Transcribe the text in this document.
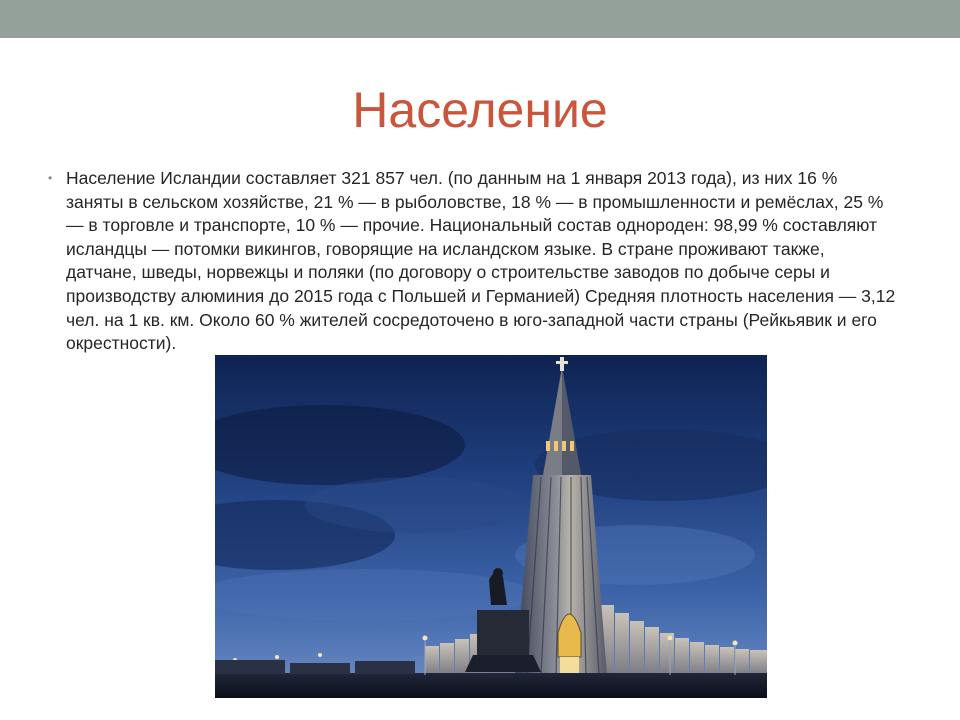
Население
• Население Исландии составляет 321 857 чел. (по данным на 1 января 2013 года), из них 16 % заняты в сельском хозяйстве, 21 % — в рыболовстве, 18 % — в промышленности и ремёслах, 25 % — в торговле и транспорте, 10 % — прочие. Национальный состав однороден: 98,99 % составляют исландцы — потомки викингов, говорящие на исландском языке. В стране проживают также, датчане, шведы, норвежцы и поляки (по договору о строительстве заводов по добыче серы и производству алюминия до 2015 года с Польшей и Германией) Средняя плотность населения — 3,12 чел. на 1 кв. км. Около 60 % жителей сосредоточено в юго-западной части страны (Рейкьявик и его окрестности).
